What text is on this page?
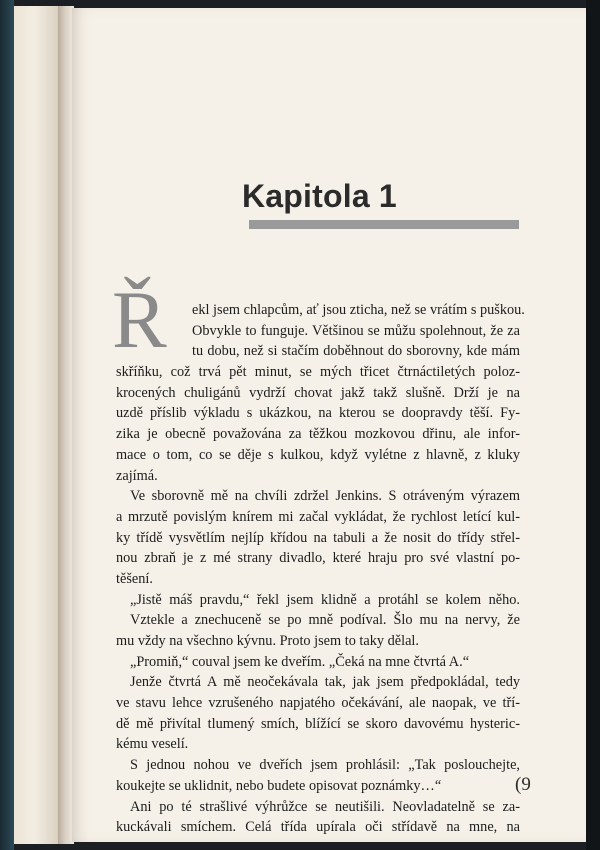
Kapitola 1
Ř	ekl jsem chlapcům, ať jsou zticha, než se vrátím s puškou.
Obvykle to funguje. Většinou se můžu spolehnout, že za
tu dobu, než si stačím doběhnout do sborovny, kde mám
skříňku, což trvá pět minut, se mých třicet čtrnáctiletých poloz-
krocených chuligánů vydrží chovat jakž takž slušně. Drží je na
uzdě příslib výkladu s ukázkou, na kterou se doopravdy těší. Fy-
zika je obecně považována za těžkou mozkovou dřinu, ale infor-
mace o tom, co se děje s kulkou, když vylétne z hlavně, z kluky
zajímá.
Ve sborovně mě na chvíli zdržel Jenkins. S otráveným výrazem
a mrzutě povislým knírem mi začal vykládat, že rychlost letící kul-
ky třídě vysvětlím nejlíp křídou na tabuli a že nosit do třídy střel-
nou zbraň je z mé strany divadlo, které hraju pro své vlastní po-
těšení.
„Jistě máš pravdu,“ řekl jsem klidně a protáhl se kolem něho.
Vztekle a znechuceně se po mně podíval. Šlo mu na nervy, že
mu vždy na všechno kývnu. Proto jsem to taky dělal.
„Promiň,“ couval jsem ke dveřím. „Čeká na mne čtvrtá A.“
Jenže čtvrtá A mě neočekávala tak, jak jsem předpokládal, tedy
ve stavu lehce vzrušeného napjatého očekávání, ale naopak, ve tří-
dě mě přivítal tlumený smích, blížící se skoro davovému hysteric-
kému veselí.
S jednou nohou ve dveřích jsem prohlásil: „Tak poslouchejte,
koukejte se uklidnit, nebo budete opisovat poznámky…“
Ani po té strašlivé výhrůžce se neutišili. Neovladatelně se za-
kuckávali smíchem. Celá třída upírala oči střídavě na mne, na
(9
